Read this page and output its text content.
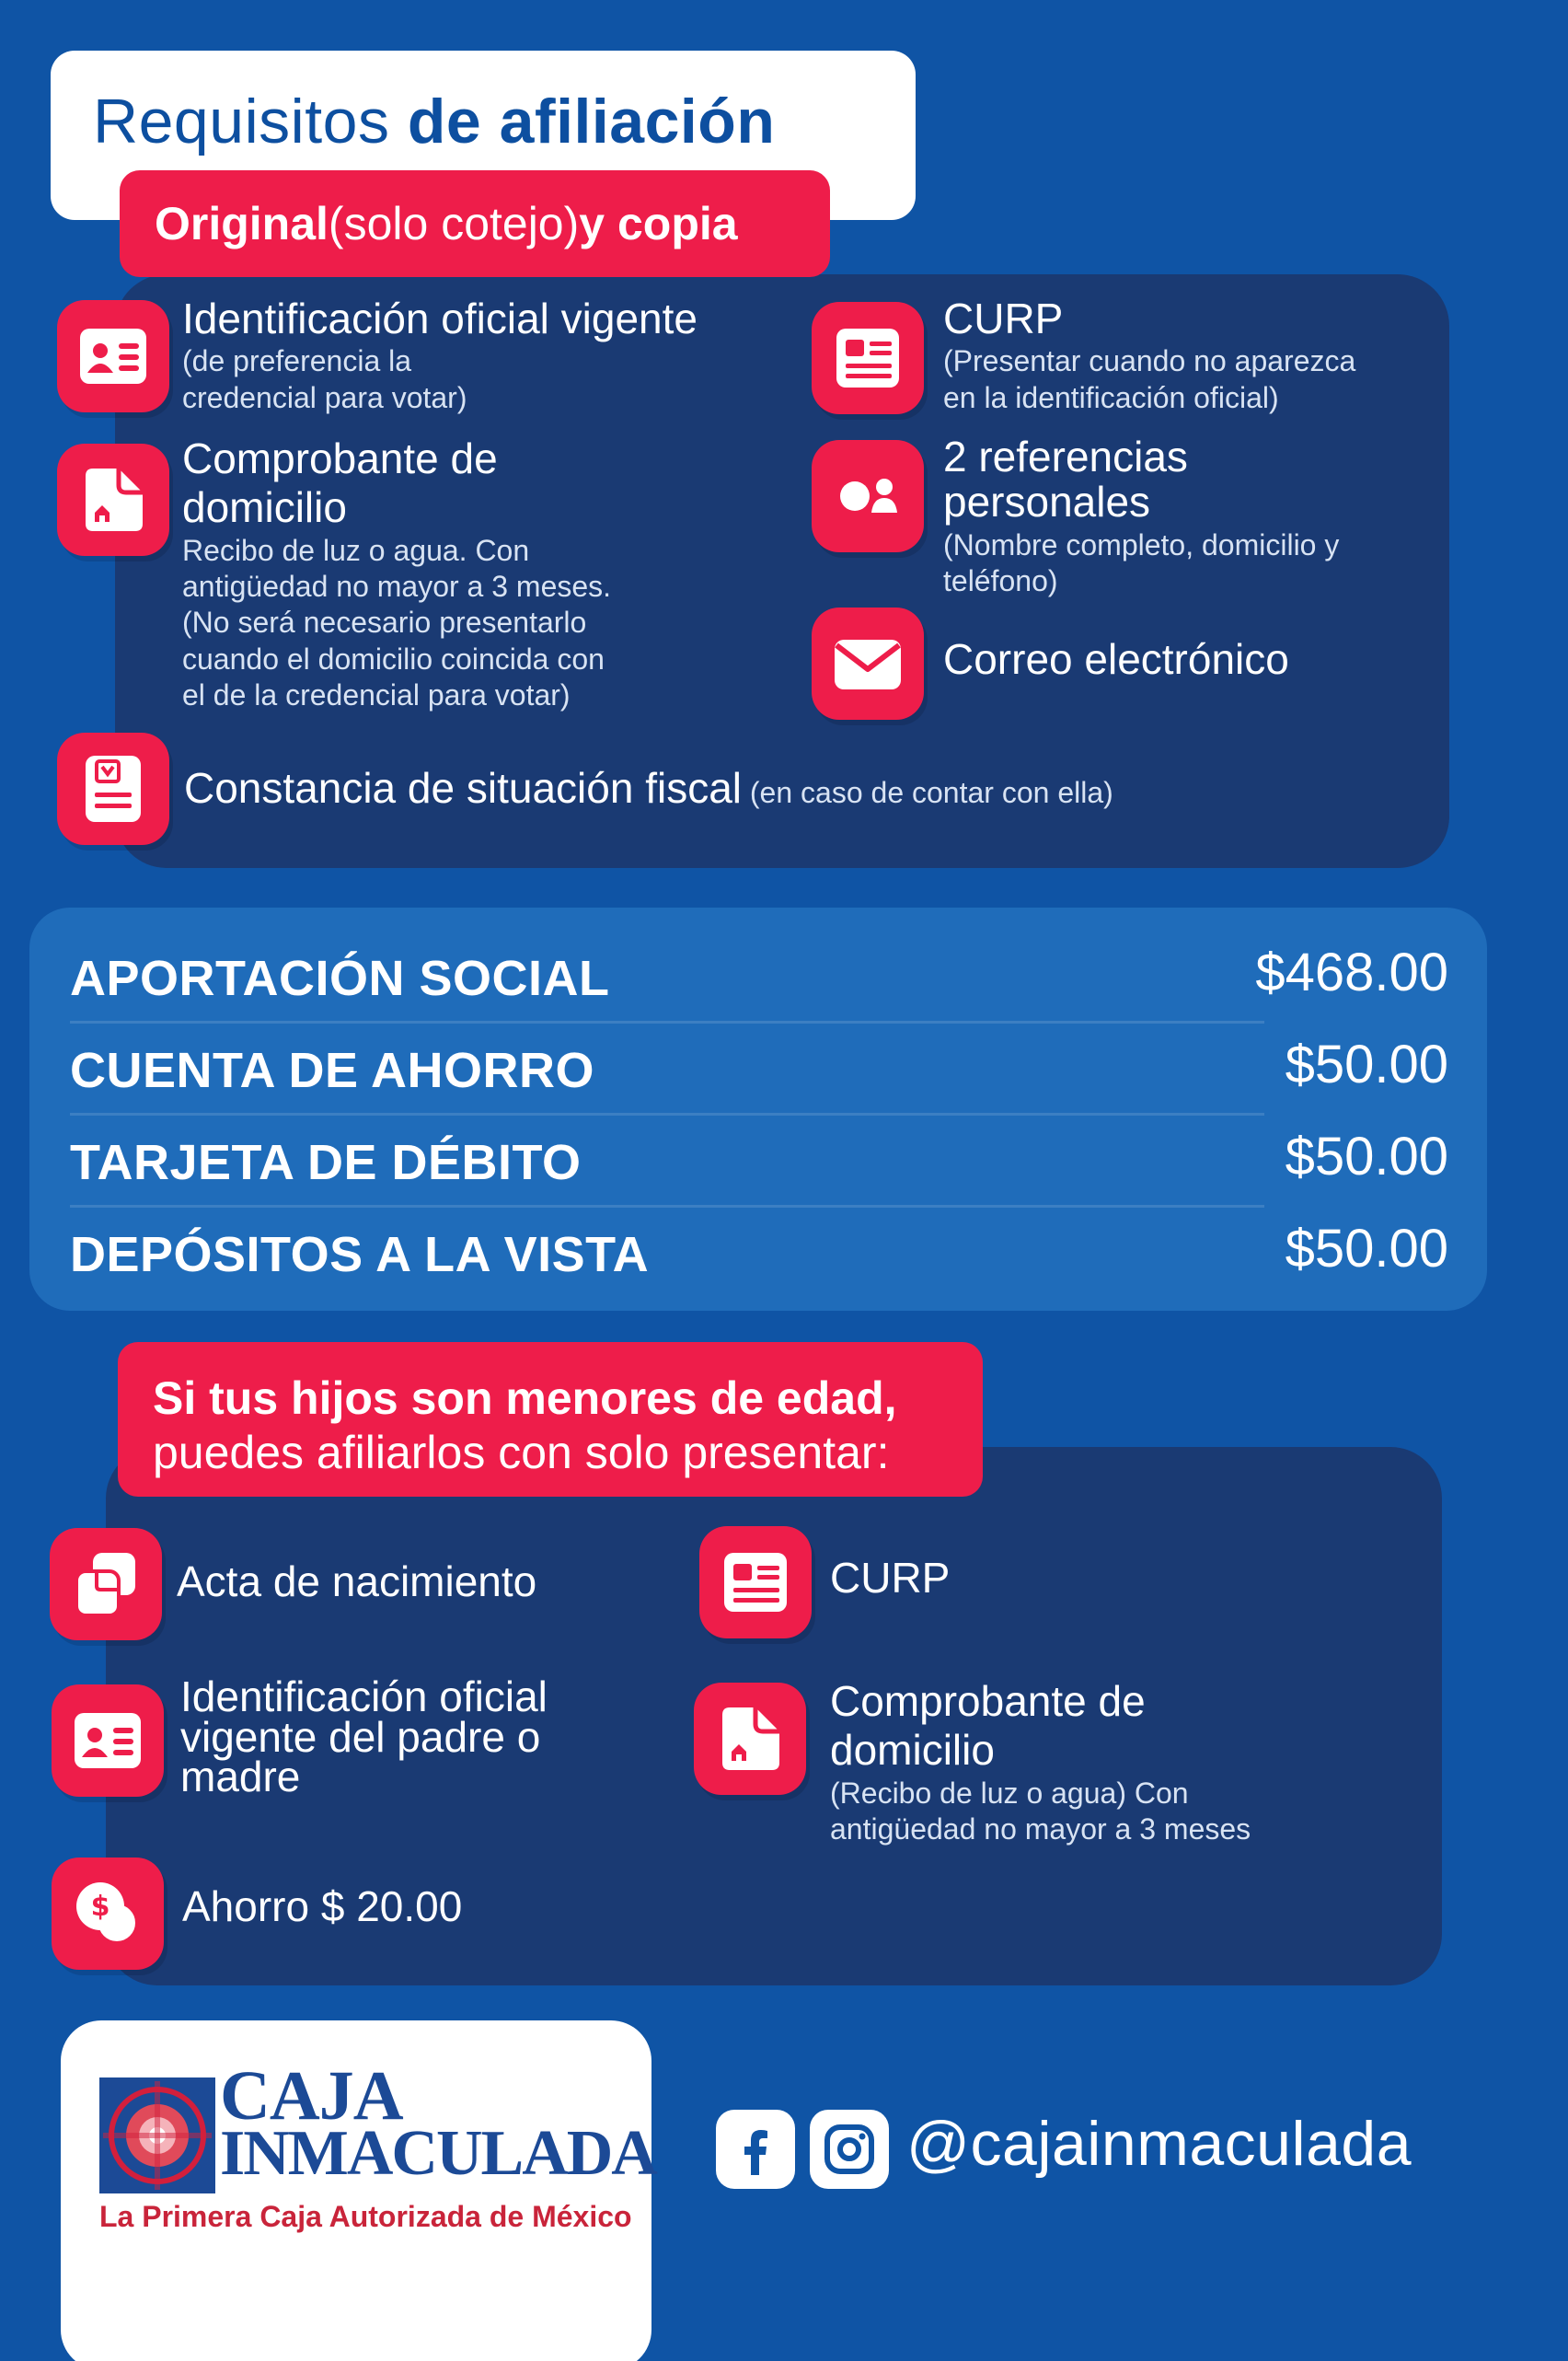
Requisitos de afiliación
Original (solo cotejo) y copia
Identificación oficial vigente
(de preferencia la
credencial para votar)
CURP
(Presentar cuando no aparezca
en la identificación oficial)
Comprobante de
domicilio
Recibo de luz o agua. Con
antigüedad no mayor a 3 meses.
(No será necesario presentarlo
cuando el domicilio coincida con
el de la credencial para votar)
2 referencias
personales
(Nombre completo, domicilio y
teléfono)
Correo electrónico
Constancia de situación fiscal (en caso de contar con ella)
APORTACIÓN SOCIAL	$468.00
CUENTA DE AHORRO	$50.00
TARJETA DE DÉBITO	$50.00
DEPÓSITOS A LA VISTA	$50.00
Si tus hijos son menores de edad,
puedes afiliarlos con solo presentar:
Acta de nacimiento	CURP
Identificación oficial
vigente del padre o
madre
Comprobante de
domicilio
(Recibo de luz o agua) Con
antigüedad no mayor a 3 meses
$ Ahorro $ 20.00
CAJA
INMACULADA
La Primera Caja Autorizada de México
@cajainmaculada
